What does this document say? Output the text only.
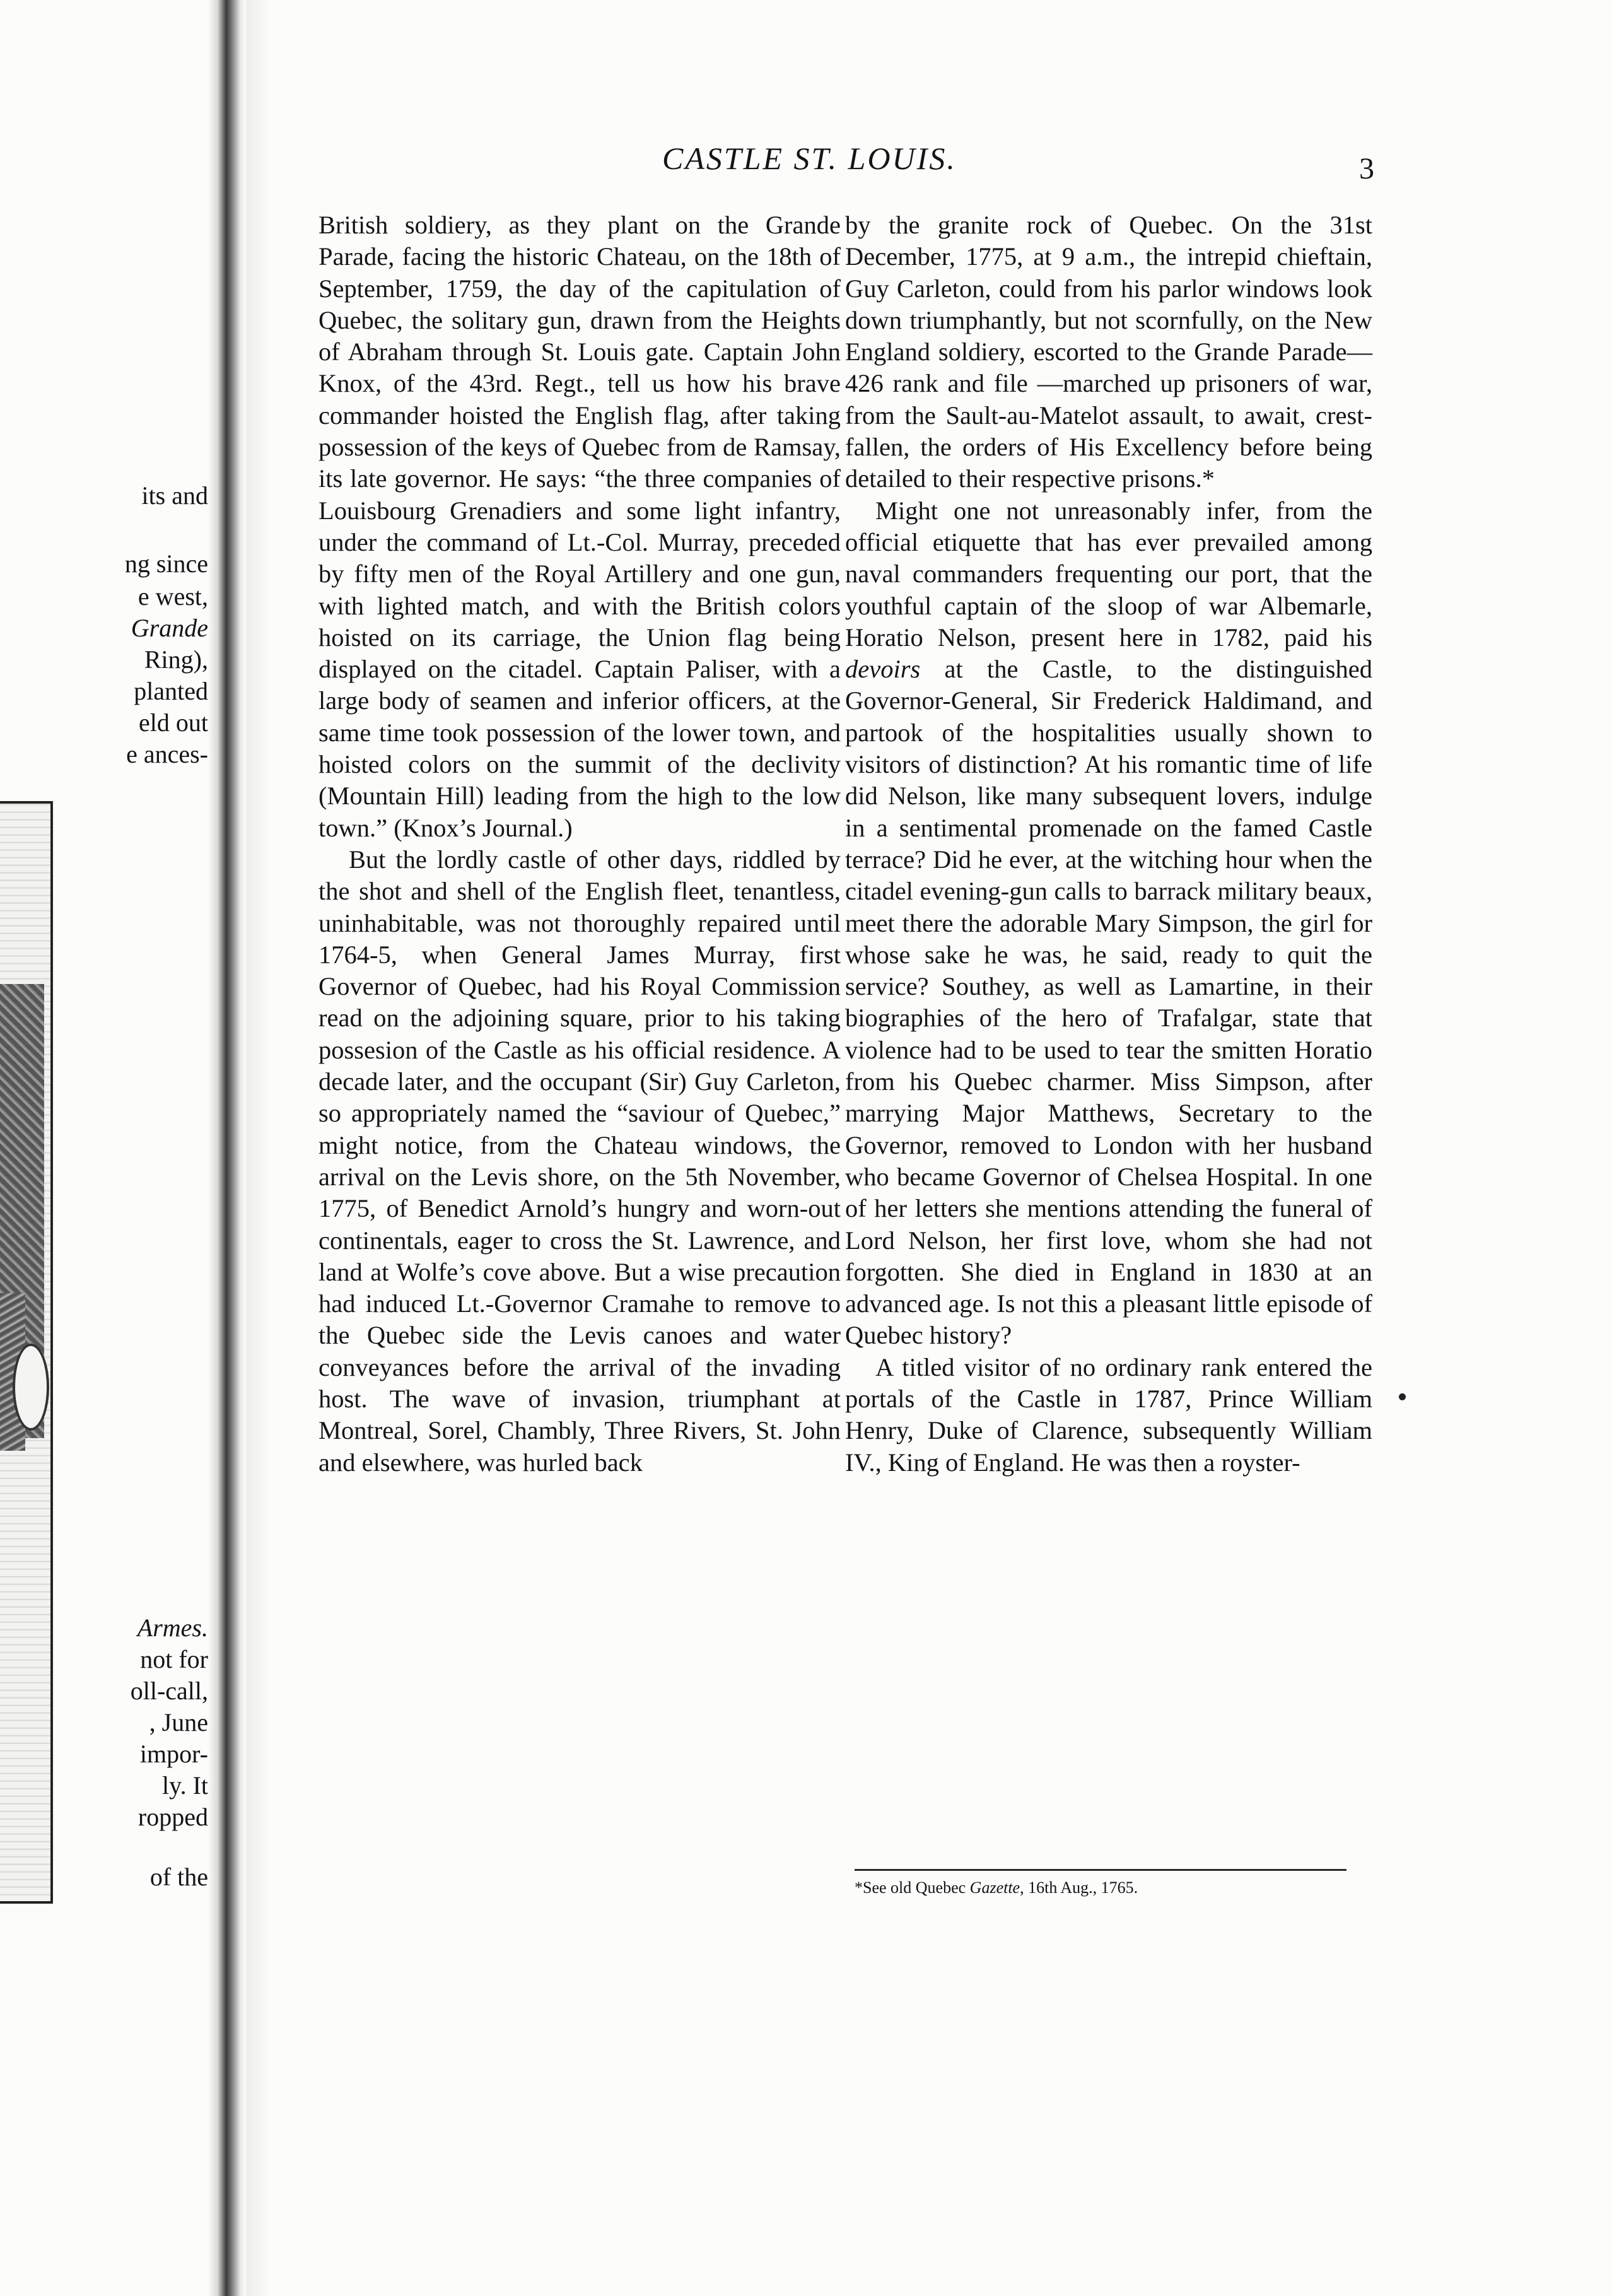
its and
ng since
e west,
Grande
Ring),
planted
eld out
e ances-
Armes.
not for
oll-call,
, June
impor-
ly. It
ropped
of the
CASTLE ST. LOUIS.	3

British soldiery, as they plant on the Grande Parade, facing the historic Chateau, on the 18th of September, 1759, the day of the capitulation of Quebec, the solitary gun, drawn from the Heights of Abraham through St. Louis gate. Captain John Knox, of the 43rd. Regt., tell us how his brave commander hoisted the English flag, after taking possession of the keys of Quebec from de Ramsay, its late governor. He says: “the three companies of Louisbourg Grenadiers and some light infantry, under the command of Lt.-Col. Murray, preceded by fifty men of the Royal Artillery and one gun, with lighted match, and with the British colors hoisted on its carriage, the Union flag being displayed on the citadel. Captain Paliser, with a large body of seamen and inferior officers, at the same time took possession of the lower town, and hoisted colors on the summit of the declivity (Mountain Hill) leading from the high to the low town.” (Knox’s Journal.)

But the lordly castle of other days, riddled by the shot and shell of the English fleet, tenantless, uninhabitable, was not thoroughly repaired until 1764-5, when General James Murray, first Governor of Quebec, had his Royal Commission read on the adjoining square, prior to his taking possesion of the Castle as his official residence. A decade later, and the occupant (Sir) Guy Carleton, so appropriately named the “saviour of Quebec,” might notice, from the Chateau windows, the arrival on the Levis shore, on the 5th November, 1775, of Benedict Arnold’s hungry and worn-out continentals, eager to cross the St. Lawrence, and land at Wolfe’s cove above. But a wise precaution had induced Lt.-Governor Cramahe to remove to the Quebec side the Levis canoes and water conveyances before the arrival of the invading host. The wave of invasion, triumphant at Montreal, Sorel, Chambly, Three Rivers, St. John and elsewhere, was hurled back

by the granite rock of Quebec. On the 31st December, 1775, at 9 a.m., the intrepid chieftain, Guy Carleton, could from his parlor windows look down triumphantly, but not scornfully, on the New England soldiery, escorted to the Grande Parade—426 rank and file —marched up prisoners of war, from the Sault-au-Matelot assault, to await, crest-fallen, the orders of His Excellency before being detailed to their respective prisons.*

Might one not unreasonably infer, from the official etiquette that has ever prevailed among naval commanders frequenting our port, that the youthful captain of the sloop of war Albemarle, Horatio Nelson, present here in 1782, paid his devoirs at the Castle, to the distinguished Governor-General, Sir Frederick Haldimand, and partook of the hospitalities usually shown to visitors of distinction? At his romantic time of life did Nelson, like many subsequent lovers, indulge in a sentimental promenade on the famed Castle terrace? Did he ever, at the witching hour when the citadel evening-gun calls to barrack military beaux, meet there the adorable Mary Simpson, the girl for whose sake he was, he said, ready to quit the service? Southey, as well as Lamartine, in their biographies of the hero of Trafalgar, state that violence had to be used to tear the smitten Horatio from his Quebec charmer. Miss Simpson, after marrying Major Matthews, Secretary to the Governor, removed to London with her husband who became Governor of Chelsea Hospital. In one of her letters she mentions attending the funeral of Lord Nelson, her first love, whom she had not forgotten. She died in England in 1830 at an advanced age. Is not this a pleasant little episode of Quebec history?

A titled visitor of no ordinary rank entered the portals of the Castle in 1787, Prince William Henry, Duke of Clarence, subsequently William IV., King of England. He was then a royster-

*See old Quebec Gazette, 16th Aug., 1765.
